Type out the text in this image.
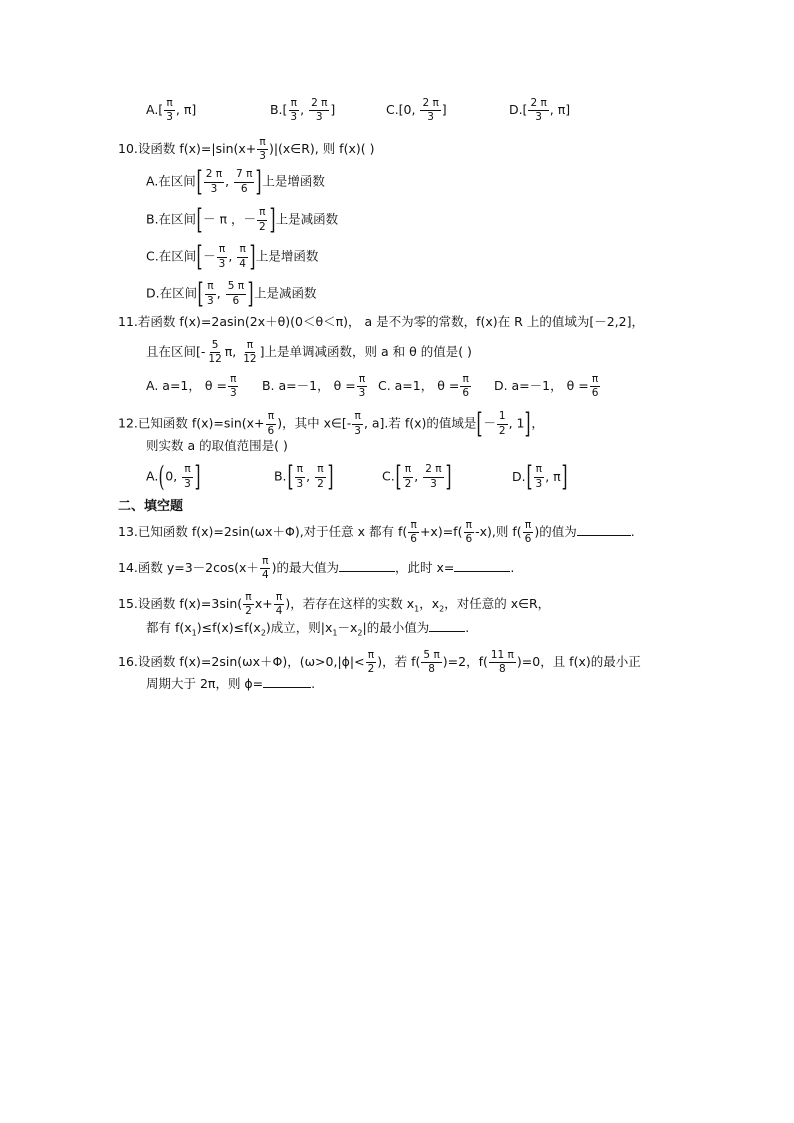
$A.[ \frac{\pi}{3}$ , π]	$B.[ \frac{\pi}{3}$ , $\frac{2 \pi}{3}$ ]	C.[0, $\frac{2 \pi}{3}$ ]	$D.[ \frac{2 \pi}{3}$ , π]
10.设函数 $f(x)=|\sin(x+ \frac{\pi}{3}$ )|(x∈R), 则 f(x)( )
A.在区间[ $\frac{2 \pi}{3}$ , $\frac{7 \pi}{6}$ ]上是增函数
B.在区间[－ π ，－ $\frac{\pi}{2}$ ]上是减函数
C.在区间[－ $\frac{\pi}{3}$ , $\frac{\pi}{4}$ ]上是增函数
D.在区间[ $\frac{\pi}{3}$ , $\frac{5 \pi}{6}$ ]上是减函数
11.若函数 f(x)=2asin(2x＋θ)(0＜θ＜π)， a 是不为零的常数，f(x)在 R 上的值域为[－2,2]，
且在区间[- $\frac{5}{12} \pi$, $\frac{\pi}{12}$ ]上是单调减函数，则 a 和 θ 的值是( )
A. a=1， $\theta = \frac{\pi}{3} B$. a=－1， $\theta = \frac{\pi}{3} C$. a=1， $\theta = \frac{\pi}{6} D$. a=－1， $\theta = \frac{\pi}{6}$
12.已知函数 $f(x)=\sin(x+ \frac{\pi}{6}$ )，其中 x∈[- $\frac{\pi}{3}$ , a].若 f(x)的值域是[－ $\frac{1}{2}$ , 1]，
则实数 a 的取值范围是( )
A.(0, $\frac{\pi}{3}$ ]	$B.[ \frac{\pi}{3}$ , $\frac{\pi}{2}$ ]	$C.[ \frac{\pi}{2}$ , $\frac{2 \pi}{3}$ ]	$D.[ \frac{\pi}{3}$ , π]
二、填空题
13.已知函数 f(x)=2sin(ωx＋Φ),对于任意 x 都有 $f( \frac{\pi}{6} +x)=f( \frac{\pi}{6} -x)$,则 $f( \frac{\pi}{6}$ )的值为	.
14.函数 $y=3-2\cos(x+ \frac{\pi}{4}$ )的最大值为	，此时 x=	.
15.设函数 $f(x)=3\sin( \frac{\pi}{2} x+ \frac{\pi}{4}$ )，若存在这样的实数 $x_1$，$x_2$，对任意的 x∈R，
都有 $f(x_1)\le f(x)\le f(x_2)$成立，则$|x_1-x_2|$的最小值为	.
16.设函数 f(x)=2sin(ωx＋Φ)，($\omega>0,|\phi|< \frac{\pi}{2}$ )，若 $f( \frac{5 \pi}{8} )=2$，$f( \frac{11 \pi}{8} )=0$，且 f(x)的最小正
周期大于 2π，则 ϕ=	.
